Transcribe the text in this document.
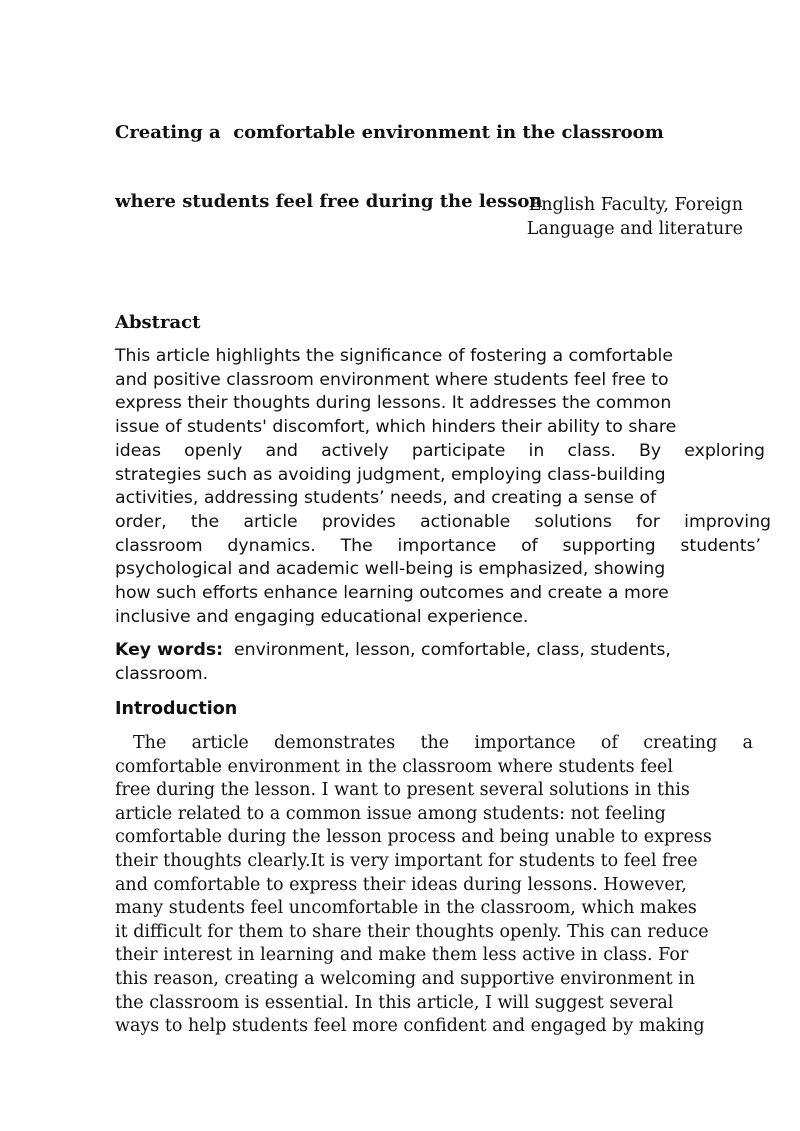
Creating a  comfortable environment in the classroom

where students feel free during the lesson

English Faculty, Foreign
Language and literature
Abstract
This article highlights the significance of fostering a comfortable
and positive classroom environment where students feel free to
express their thoughts during lessons. It addresses the common
issue of students' discomfort, which hinders their ability to share
ideas openly and actively participate in class. By exploring
strategies such as avoiding judgment, employing class-building
activities, addressing students’ needs, and creating a sense of
order, the article provides actionable solutions for improving
classroom dynamics. The importance of supporting students’
psychological and academic well-being is emphasized, showing
how such efforts enhance learning outcomes and create a more
inclusive and engaging educational experience.
Key words: environment, lesson, comfortable, class, students,
classroom.
Introduction
The article demonstrates the importance of creating a
comfortable environment in the classroom where students feel
free during the lesson. I want to present several solutions in this
article related to a common issue among students: not feeling
comfortable during the lesson process and being unable to express
their thoughts clearly.It is very important for students to feel free
and comfortable to express their ideas during lessons. However,
many students feel uncomfortable in the classroom, which makes
it difficult for them to share their thoughts openly. This can reduce
their interest in learning and make them less active in class. For
this reason, creating a welcoming and supportive environment in
the classroom is essential. In this article, I will suggest several
ways to help students feel more confident and engaged by making
